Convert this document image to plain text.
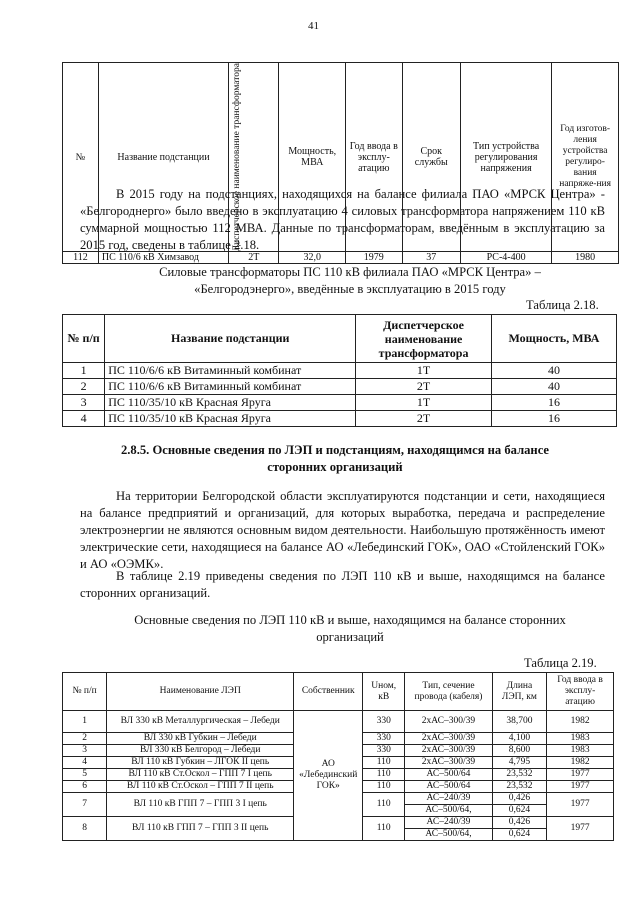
41
№	Название подстанции	Диспетчерское наименование трансформатора	Мощность, МВА	Год ввода в эксплу-атацию	Срок службы	Тип устройства регулирования напряжения	Год изготов-ления устройства регулиро-вания напряже-ния
112	ПС 110/6 кВ Химзавод	2Т	32,0	1979	37	РС-4-400	1980
В 2015 году на подстанциях, находящихся на балансе филиала ПАО «МРСК Центра» - «Белгороднерго» было введено в эксплуатацию 4 силовых трансформатора напряжением 110 кВ суммарной мощностью 112 МВА. Данные по трансформаторам, введённым в эксплуатацию за 2015 год, сведены в таблице 2.18.
Силовые трансформаторы ПС 110 кВ филиала ПАО «МРСК Центра» – «Белгородэнерго», введённые в эксплуатацию в 2015 году
Таблица 2.18.
№ п/п	Название подстанции	Диспетчерское наименование трансформатора	Мощность, МВА
1	ПС 110/6/6 кВ Витаминный комбинат	1Т	40
2	ПС 110/6/6 кВ Витаминный комбинат	2Т	40
3	ПС 110/35/10 кВ Красная Яруга	1Т	16
4	ПС 110/35/10 кВ Красная Яруга	2Т	16
2.8.5. Основные сведения по ЛЭП и подстанциям, находящимся на балансе сторонних организаций
На территории Белгородской области эксплуатируются подстанции и сети, находящиеся на балансе предприятий и организаций, для которых выработка, передача и распределение электроэнергии не являются основным видом деятельности. Наибольшую протяжённость имеют электрические сети, находящиеся на балансе АО «Лебединский ГОК», ОАО «Стойленский ГОК» и АО «ОЭМК».
В таблице 2.19 приведены сведения по ЛЭП 110 кВ и выше, находящимся на балансе сторонних организаций.
Основные сведения по ЛЭП 110 кВ и выше, находящимся на балансе сторонних организаций
Таблица 2.19.
№ п/п	Наименование ЛЭП	Собственник	Uном, кВ	Тип, сечение провода (кабеля)	Длина ЛЭП, км	Год ввода в эксплу-атацию
1	ВЛ 330 кВ Металлургическая – Лебеди	АО «Лебединский ГОК»	330	2хАС–300/39	38,700	1982
2	ВЛ 330 кВ Губкин – Лебеди		330	2хАС–300/39	4,100	1983
3	ВЛ 330 кВ Белгород – Лебеди		330	2хАС–300/39	8,600	1983
4	ВЛ 110 кВ Губкин – ЛГОК II цепь		110	2хАС–300/39	4,795	1982
5	ВЛ 110 кВ Ст.Оскол – ГПП 7 I цепь		110	АС–500/64	23,532	1977
6	ВЛ 110 кВ Ст.Оскол – ГПП 7 II цепь		110	АС–500/64	23,532	1977
7	ВЛ 110 кВ ГПП 7 – ГПП 3 I цепь		110	АС–240/39	0,426	1977
				АС–500/64,	0,624	
8	ВЛ 110 кВ ГПП 7 – ГПП 3 II цепь		110	АС–240/39	0,426	1977
				АС–500/64,	0,624	
